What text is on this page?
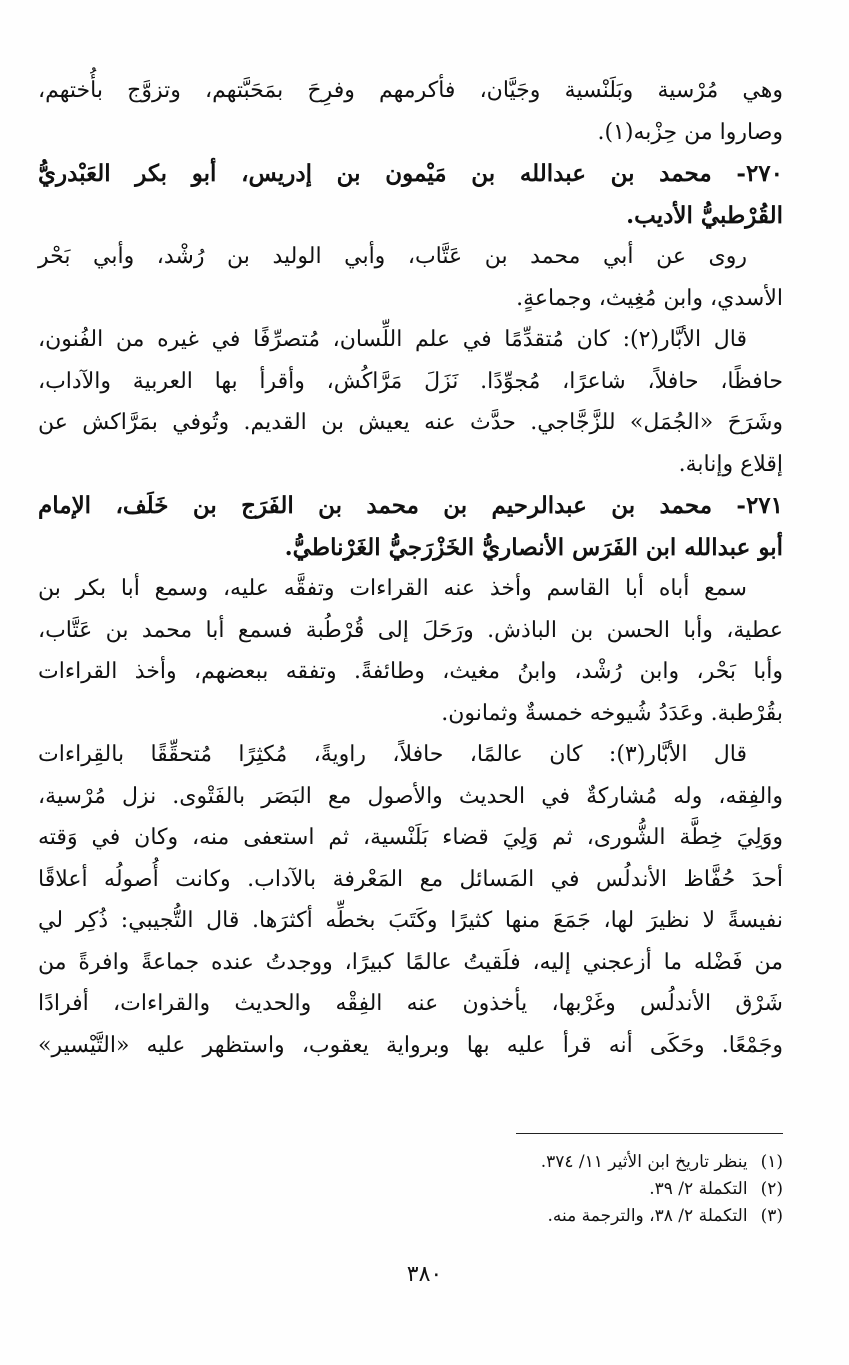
وهي مُرْسية وبَلَنْسية وجَيَّان، فأكرمهم وفرِحَ بمَحَبَّتهم، وتزوَّج بأُختهم،
وصاروا من حِزْبه(١).

٢٧٠- محمد بن عبدالله بن مَيْمون بن إدريس، أبو بكر العَبْدريُّ
القُرْطبيُّ الأديب.

روى عن أبي محمد بن عَتَّاب، وأبي الوليد بن رُشْد، وأبي بَحْر
الأسدي، وابن مُغِيث، وجماعةٍ.

قال الأبَّار(٢): كان مُتقدِّمًا في علم اللِّسان، مُتصرِّفًا في غيره من الفُنون،
حافظًا، حافلاً، شاعرًا، مُجوِّدًا. نَزَلَ مَرَّاكُش، وأقرأ بها العربية والآداب،
وشَرَحَ «الجُمَل» للزَّجَّاجي. حدَّث عنه يعيش بن القديم. وتُوفي بمَرَّاكش عن
إقلاع وإنابة.

٢٧١- محمد بن عبدالرحيم بن محمد بن الفَرَج بن خَلَف، الإمام
أبو عبدالله ابن الفَرَس الأنصاريُّ الخَزْرَجيُّ الغَرْناطيُّ.

سمع أباه أبا القاسم وأخذ عنه القراءات وتفقَّه عليه، وسمع أبا بكر بن
عطية، وأبا الحسن بن الباذش. ورَحَلَ إلى قُرْطُبة فسمع أبا محمد بن عَتَّاب،
وأبا بَحْر، وابن رُشْد، وابنُ مغيث، وطائفةً. وتفقه ببعضهم، وأخذ القراءات
بقُرْطبة. وعَدَدُ شُيوخه خمسةٌ وثمانون.

قال الأبَّار(٣): كان عالمًا، حافلاً، راويةً، مُكثِرًا مُتحقِّقًا بالقِراءات
والفِقه، وله مُشاركةٌ في الحديث والأصول مع البَصَر بالفَتْوى. نزل مُرْسية،
ووَلِيَ خِطَّة الشُّورى، ثم وَلِيَ قضاء بَلَنْسية، ثم استعفى منه، وكان في وَقته
أحدَ حُفَّاظ الأندلُس في المَسائل مع المَعْرفة بالآداب. وكانت أُصولُه أعلاقًا
نفيسةً لا نظيرَ لها، جَمَعَ منها كثيرًا وكَتَبَ بخطِّه أكثرَها. قال التُّجيبي: ذُكِر لي
من فَضْله ما أزعجني إليه، فلَقيتُ عالمًا كبيرًا، ووجدتُ عنده جماعةً وافرةً من
شَرْق الأندلُس وغَرْبها، يأخذون عنه الفِقْه والحديث والقراءات، أفرادًا
وجَمْعًا. وحَكَى أنه قرأ عليه بها وبرواية يعقوب، واستظهر عليه «التَّيْسير»

(١) ينظر تاريخ ابن الأثير ١١/ ٣٧٤.
(٢) التكملة ٢/ ٣٩.
(٣) التكملة ٢/ ٣٨، والترجمة منه.
٣٨٠
